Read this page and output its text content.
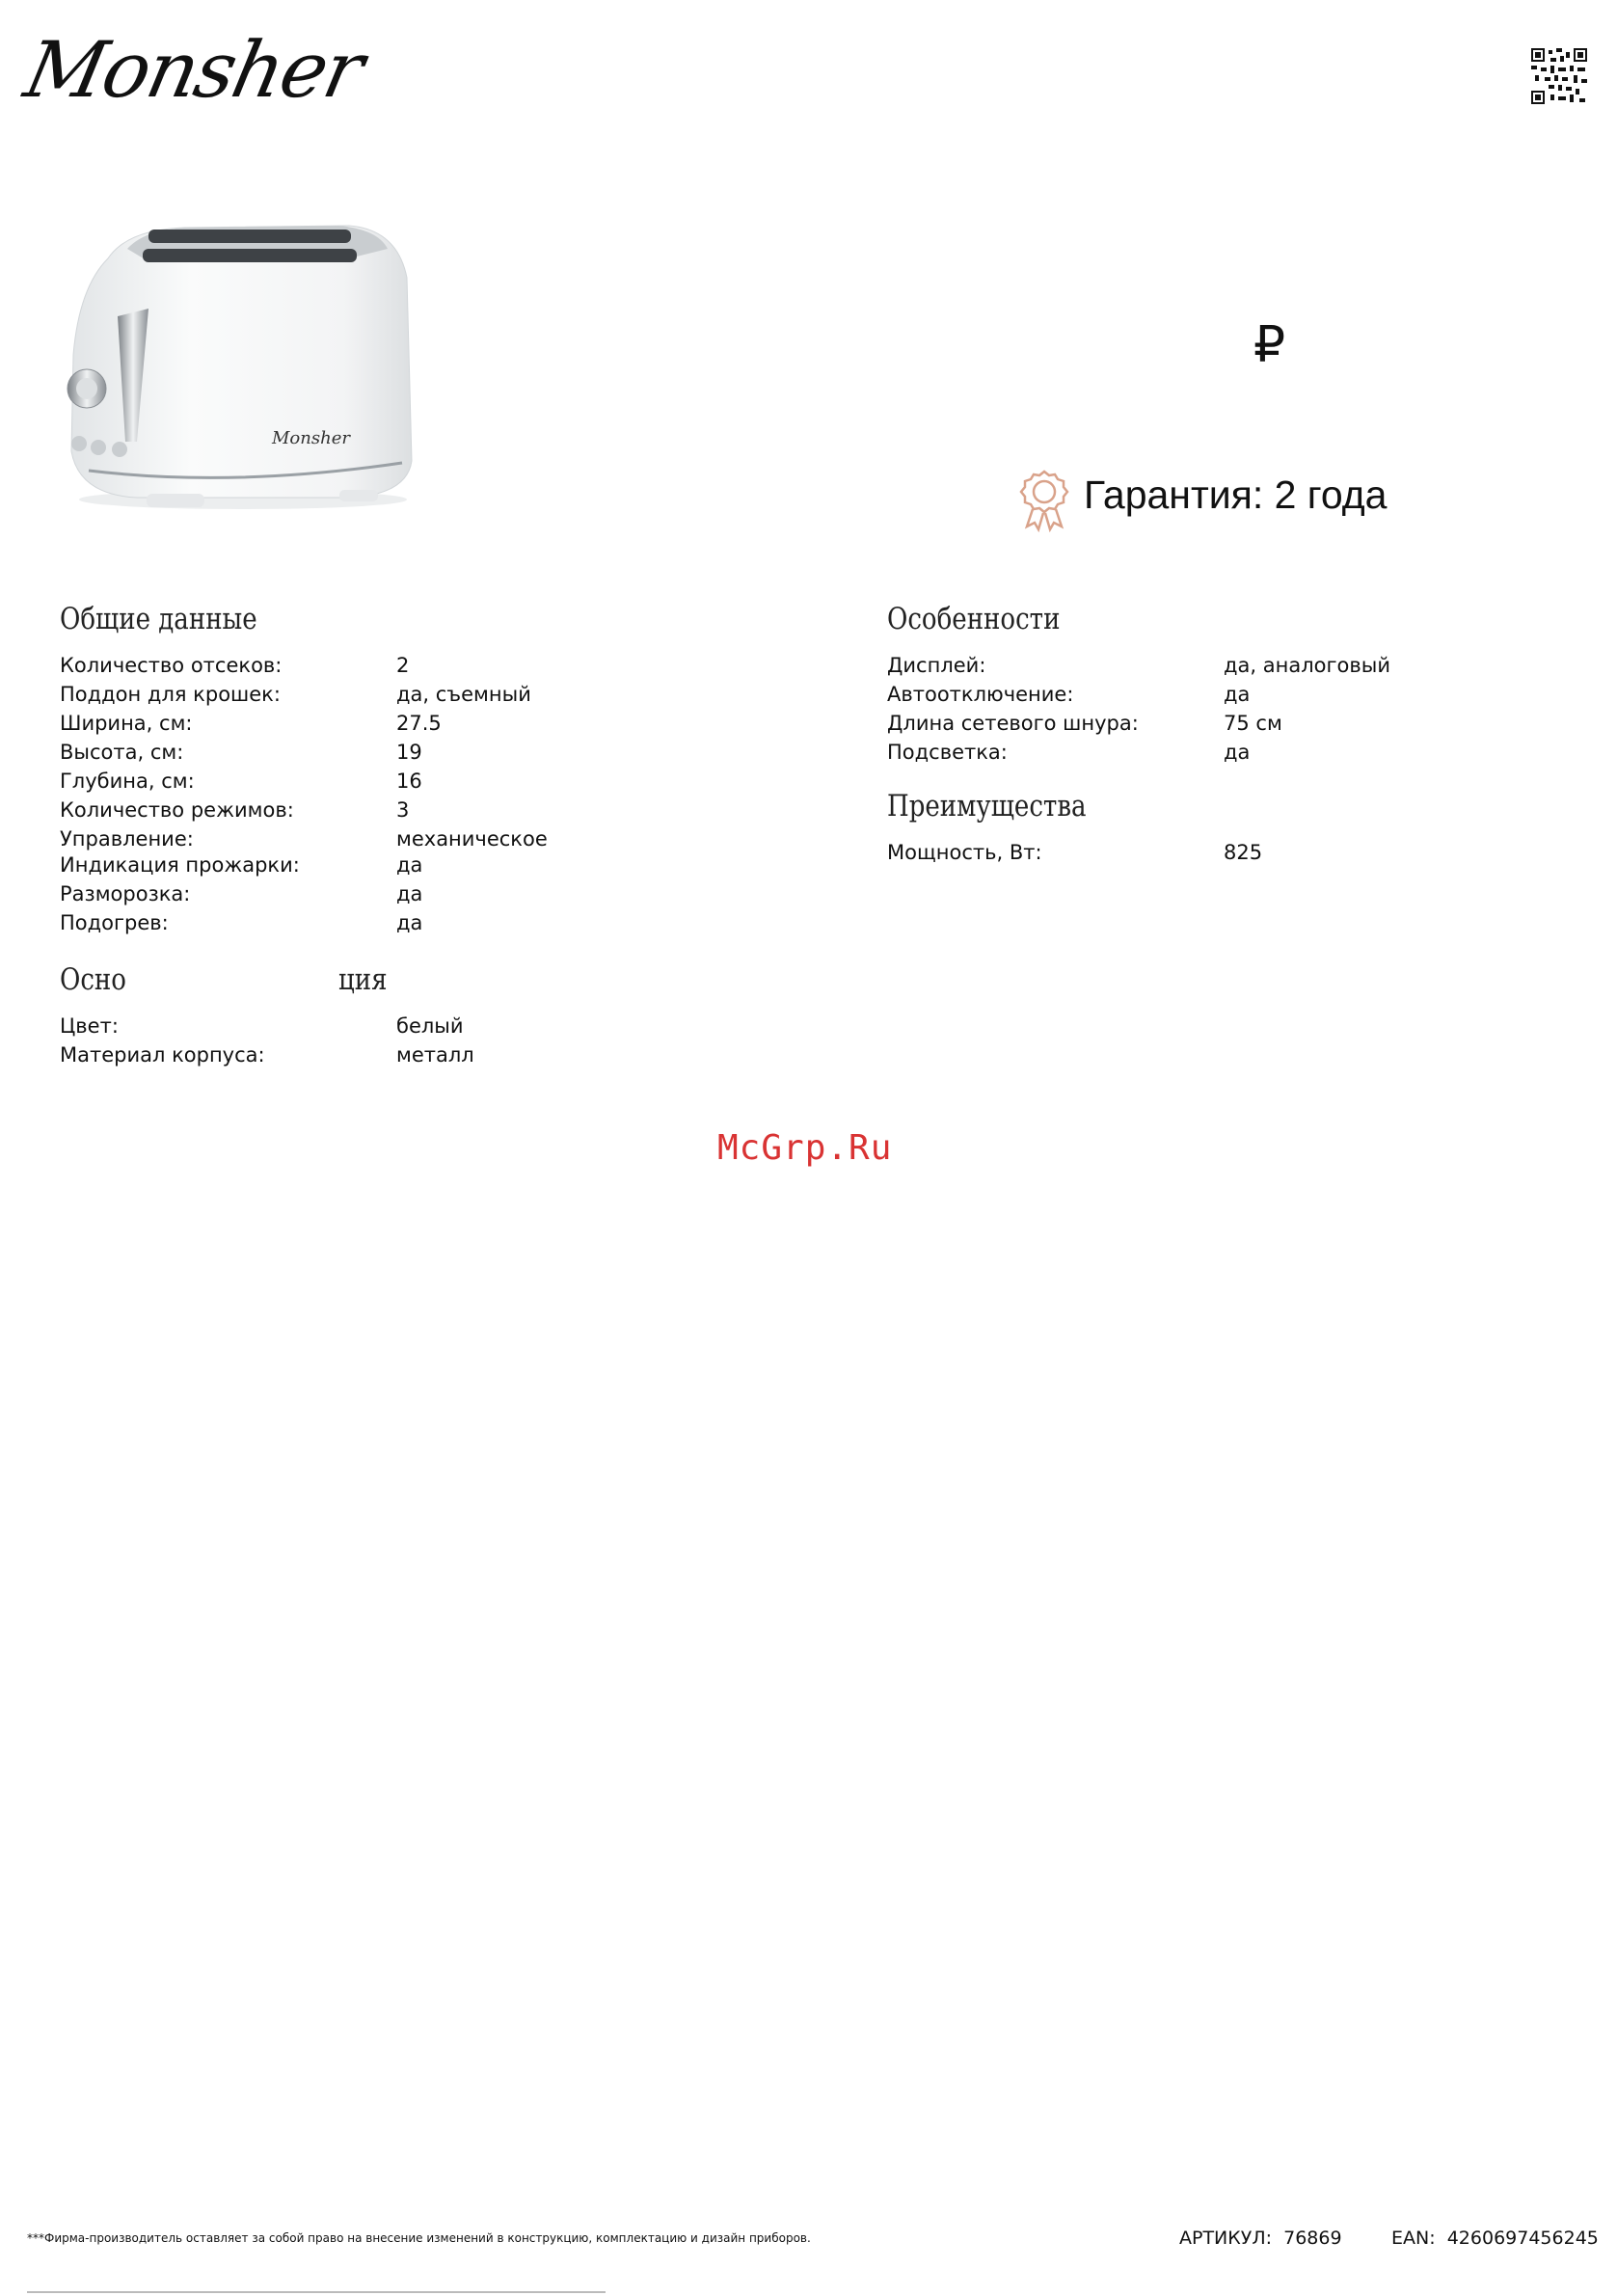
Monsher
Monsher
₽
Гарантия: 2 года
Общие данные
Количество отсеков:	2
Поддон для крошек:	да, съемный
Ширина, см:	27.5
Высота, см:	19
Глубина, см:	16
Количество режимов:	3
Управление:	механическое
Индикация прожарки:	да
Разморозка:	да
Подогрев:	да
Осно	ция
Цвет:	белый
Материал корпуса:	металл
Особенности
Дисплей:	да, аналоговый
Автоотключение:	да
Длина сетевого шнура:	75 см
Подсветка:	да
Преимущества
Мощность, Вт:	825
McGrp.Ru
***Фирма-производитель оставляет за собой право на внесение изменений в конструкцию, комплектацию и дизайн приборов.	АРТИКУЛ: 76869	EAN: 4260697456245
